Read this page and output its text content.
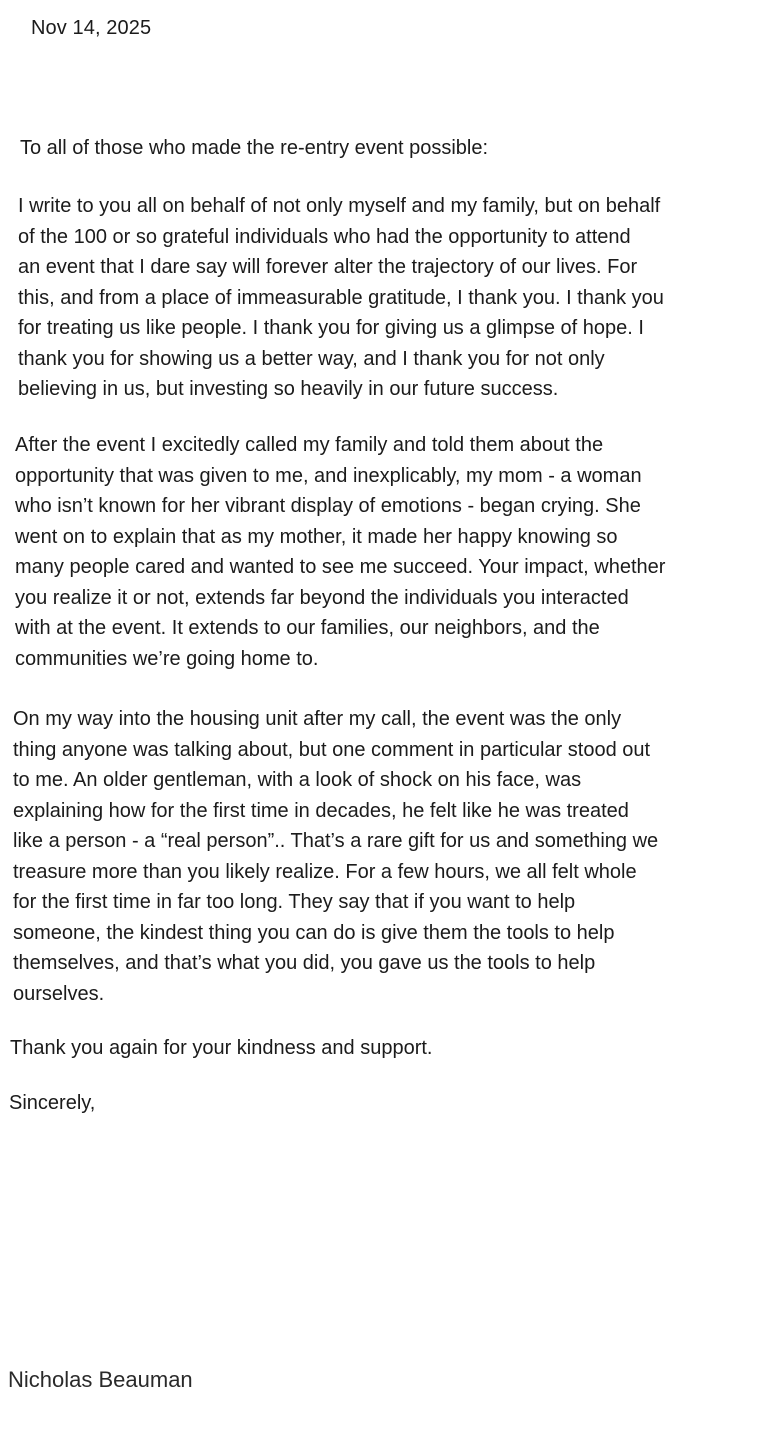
Nov 14, 2025

To all of those who made the re-entry event possible:

I write to you all on behalf of not only myself and my family, but on behalf
of the 100 or so grateful individuals who had the opportunity to attend
an event that I dare say will forever alter the trajectory of our lives. For
this, and from a place of immeasurable gratitude, I thank you. I thank you
for treating us like people. I thank you for giving us a glimpse of hope. I
thank you for showing us a better way, and I thank you for not only
believing in us, but investing so heavily in our future success.

After the event I excitedly called my family and told them about the
opportunity that was given to me, and inexplicably, my mom - a woman
who isn’t known for her vibrant display of emotions - began crying. She
went on to explain that as my mother, it made her happy knowing so
many people cared and wanted to see me succeed. Your impact, whether
you realize it or not, extends far beyond the individuals you interacted
with at the event. It extends to our families, our neighbors, and the
communities we’re going home to.

On my way into the housing unit after my call, the event was the only
thing anyone was talking about, but one comment in particular stood out
to me. An older gentleman, with a look of shock on his face, was
explaining how for the first time in decades, he felt like he was treated
like a person - a “real person”.. That’s a rare gift for us and something we
treasure more than you likely realize. For a few hours, we all felt whole
for the first time in far too long. They say that if you want to help
someone, the kindest thing you can do is give them the tools to help
themselves, and that’s what you did, you gave us the tools to help
ourselves.

Thank you again for your kindness and support.

Sincerely,

Nicholas Beauman
